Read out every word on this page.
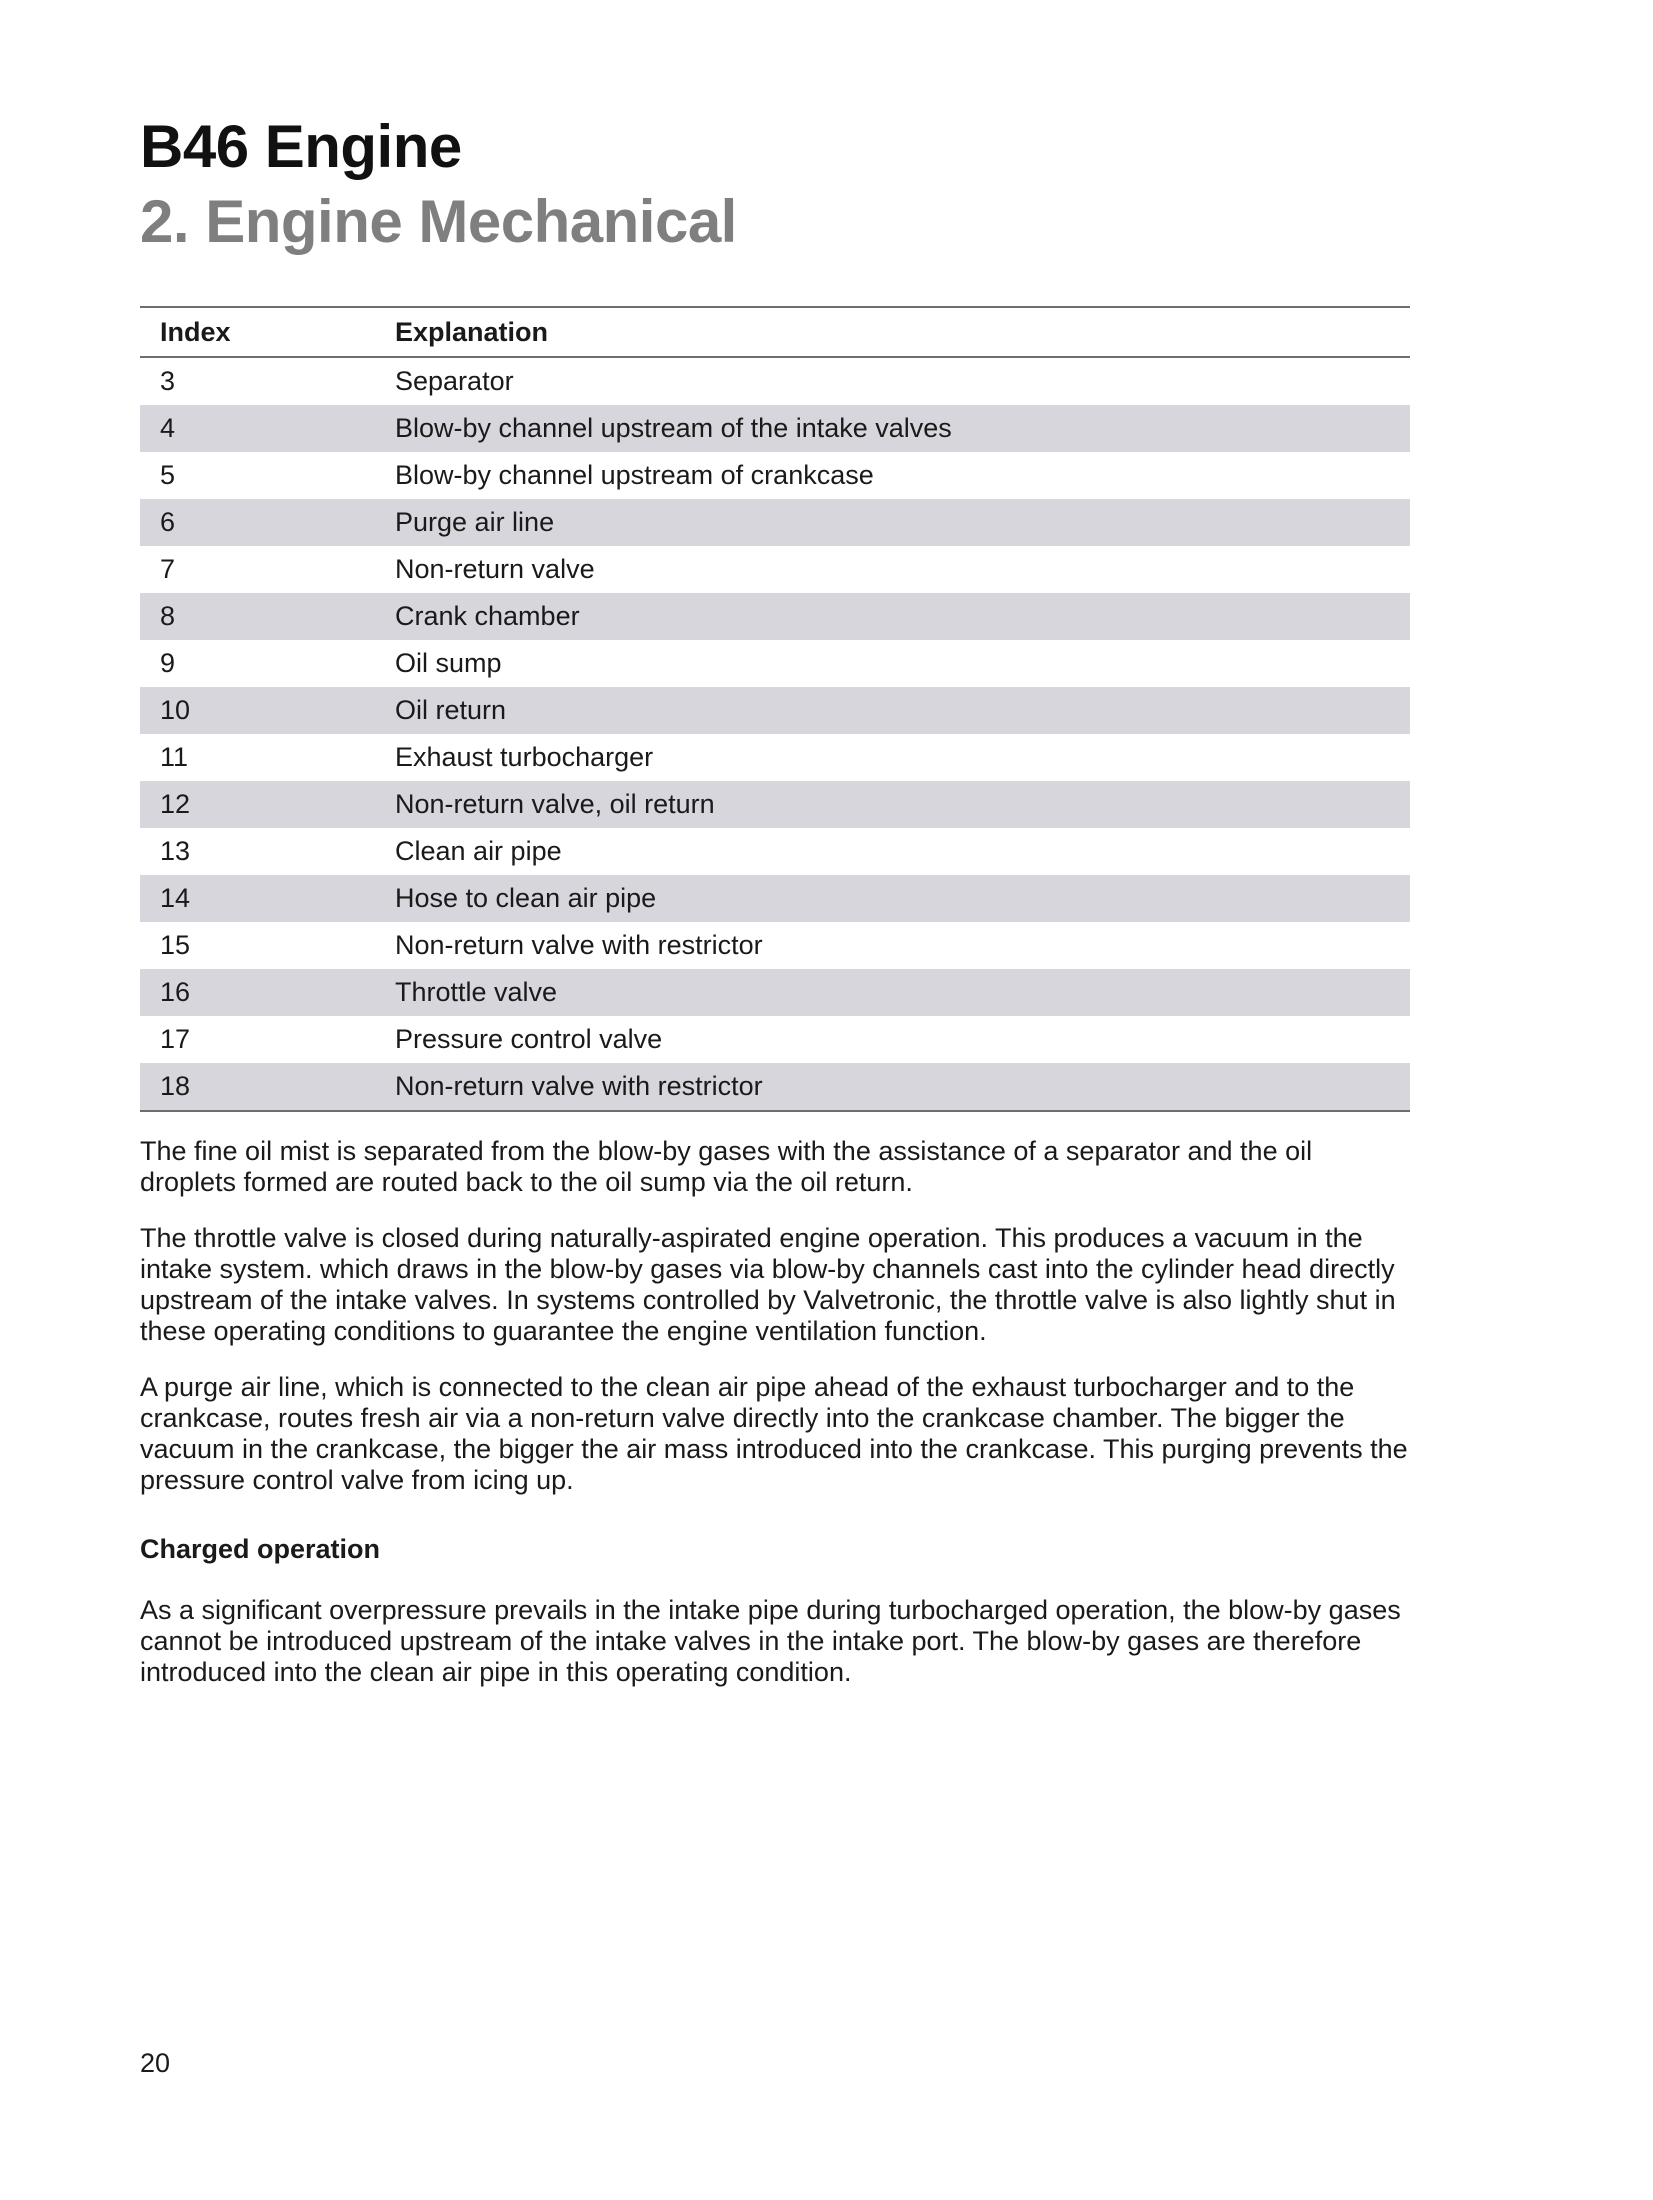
B46 Engine
2. Engine Mechanical
Index	Explanation
3	Separator
4	Blow-by channel upstream of the intake valves
5	Blow-by channel upstream of crankcase
6	Purge air line
7	Non-return valve
8	Crank chamber
9	Oil sump
10	Oil return
11	Exhaust turbocharger
12	Non-return valve, oil return
13	Clean air pipe
14	Hose to clean air pipe
15	Non-return valve with restrictor
16	Throttle valve
17	Pressure control valve
18	Non-return valve with restrictor

The fine oil mist is separated from the blow-by gases with the assistance of a separator and the oil droplets formed are routed back to the oil sump via the oil return.

The throttle valve is closed during naturally-aspirated engine operation. This produces a vacuum in the intake system. which draws in the blow-by gases via blow-by channels cast into the cylinder head directly upstream of the intake valves. In systems controlled by Valvetronic, the throttle valve is also lightly shut in these operating conditions to guarantee the engine ventilation function.

A purge air line, which is connected to the clean air pipe ahead of the exhaust turbocharger and to the crankcase, routes fresh air via a non-return valve directly into the crankcase chamber. The bigger the vacuum in the crankcase, the bigger the air mass introduced into the crankcase. This purging prevents the pressure control valve from icing up.

Charged operation

As a significant overpressure prevails in the intake pipe during turbocharged operation, the blow-by gases cannot be introduced upstream of the intake valves in the intake port. The blow-by gases are therefore introduced into the clean air pipe in this operating condition.

20
